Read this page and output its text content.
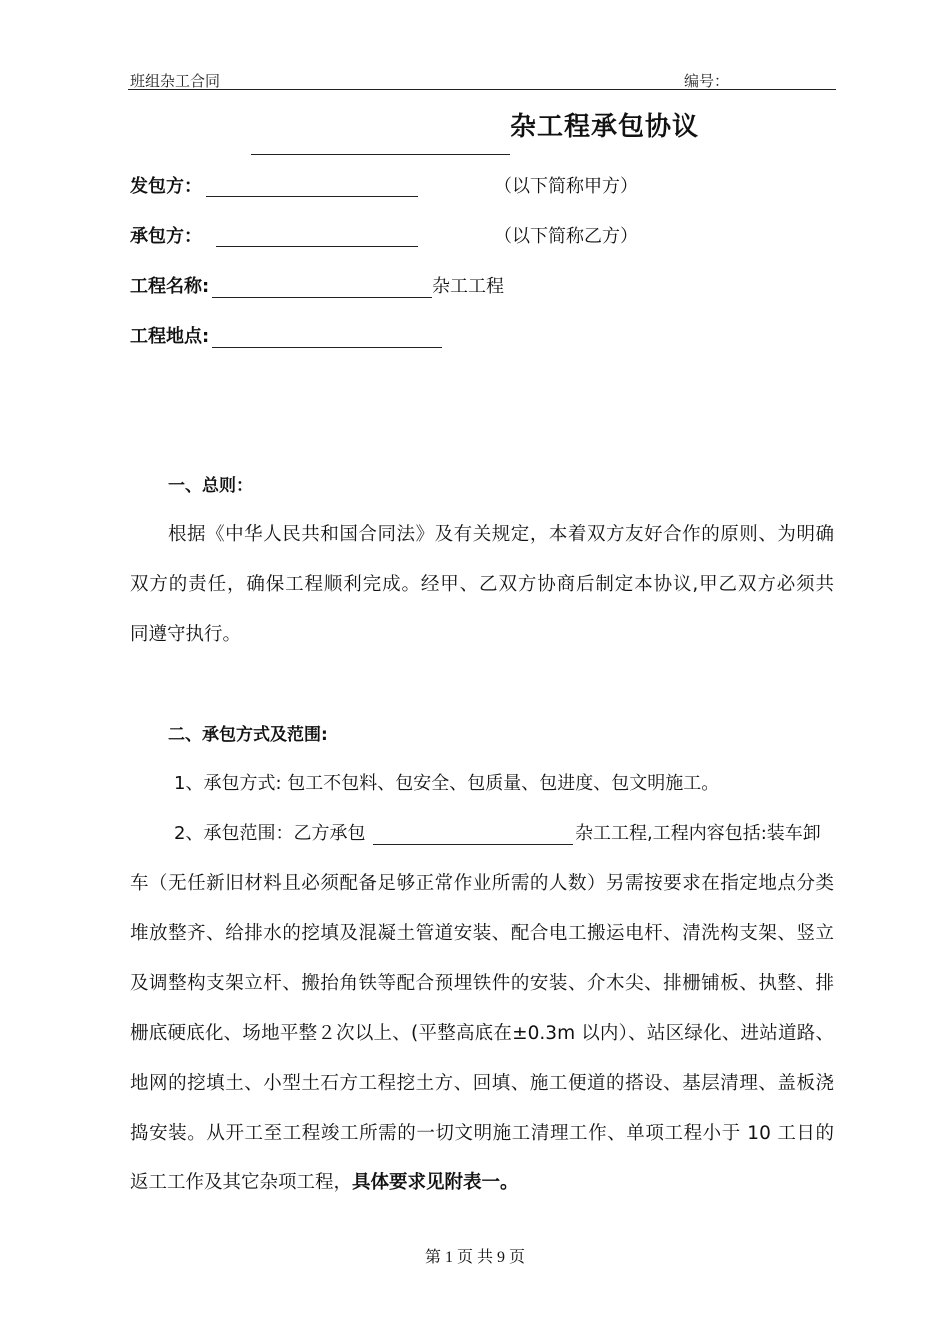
班组杂工合同	编号：
杂工程承包协议
发包方：	（以下简称甲方）
承包方：	（以下简称乙方）
工程名称:	杂工工程
工程地点:
一、总则：
根据《中华人民共和国合同法》及有关规定，本着双方友好合作的原则、为明确
双方的责任，确保工程顺利完成。经甲、乙双方协商后制定本协议,甲乙双方必须共
同遵守执行。
二、承包方式及范围:
1、承包方式: 包工不包料、包安全、包质量、包进度、包文明施工。
2、承包范围：乙方承包	杂工工程,工程内容包括:装车卸
车（无任新旧材料且必须配备足够正常作业所需的人数）另需按要求在指定地点分类
堆放整齐、给排水的挖填及混凝土管道安装、配合电工搬运电杆、清洗构支架、竖立
及调整构支架立杆、搬抬角铁等配合预埋铁件的安装、介木尖、排栅铺板、执整、排
栅底硬底化、场地平整２次以上、(平整高底在±0.3m 以内）、站区绿化、进站道路、
地网的挖填土、小型土石方工程挖土方、回填、施工便道的搭设、基层清理、盖板浇
捣安装。从开工至工程竣工所需的一切文明施工清理工作、单项工程小于 10 工日的
返工工作及其它杂项工程，具体要求见附表一。
第 1 页 共 9 页
